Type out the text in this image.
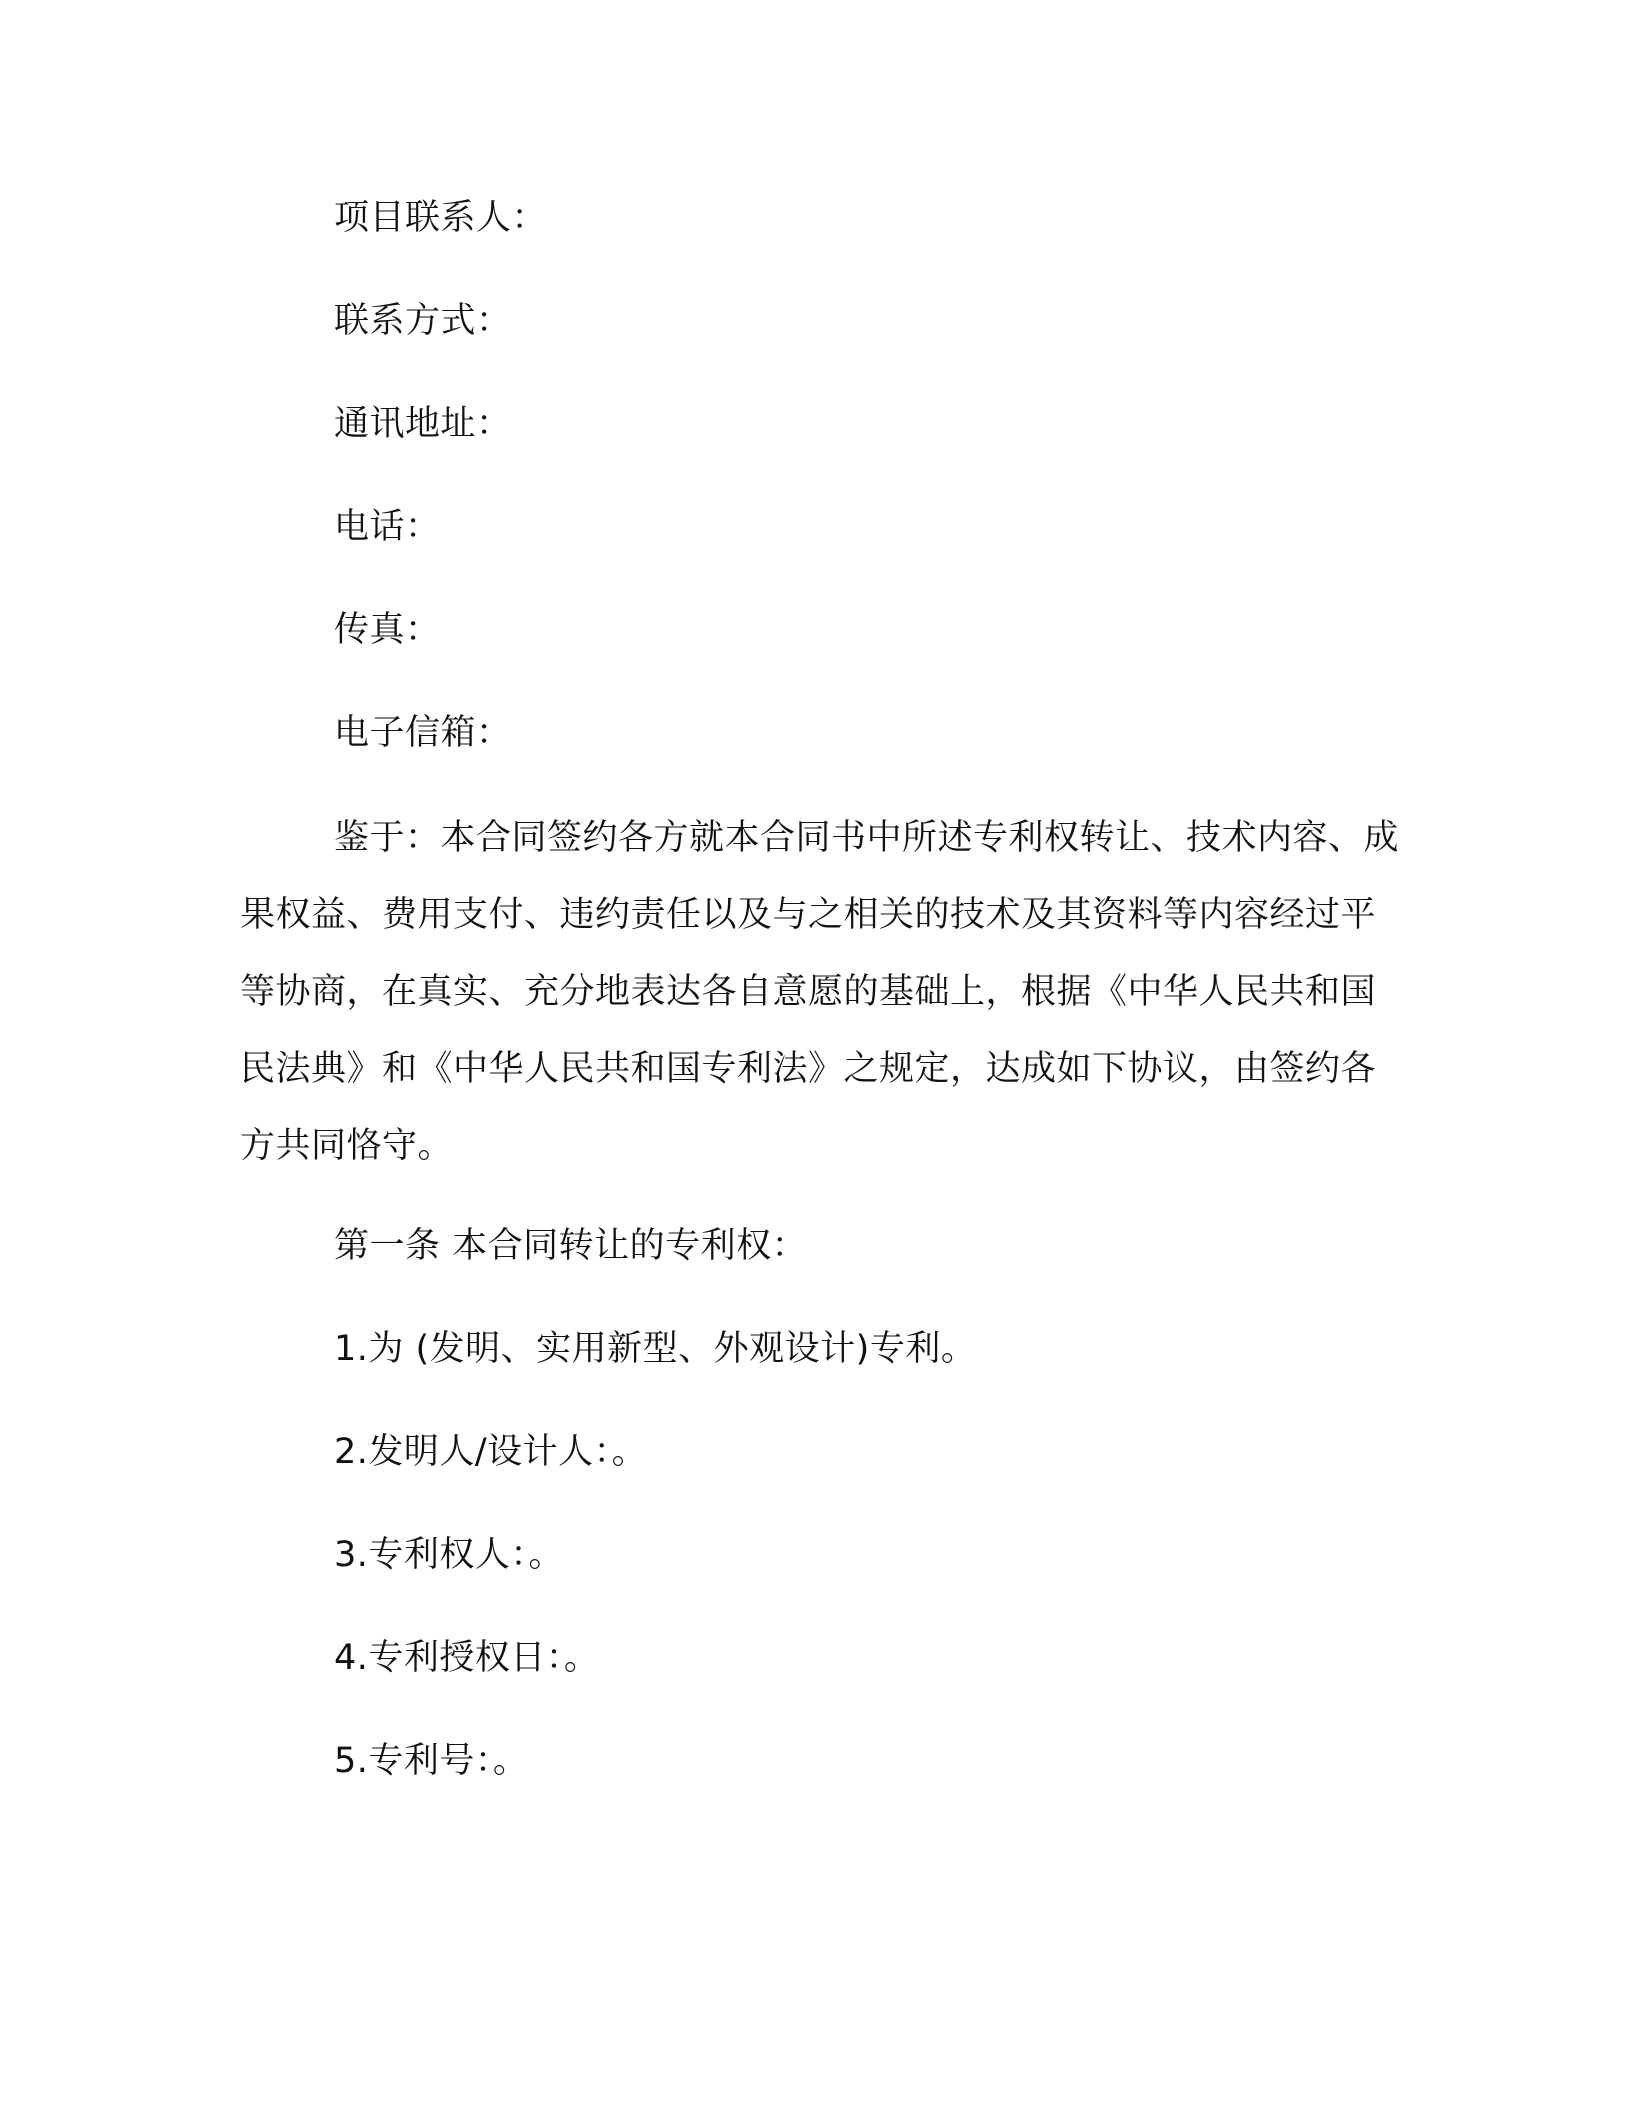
项目联系人：
联系方式：
通讯地址：
电话：
传真：
电子信箱：

鉴于：本合同签约各方就本合同书中所述专利权转让、技术内容、成果权益、费用支付、违约责任以及与之相关的技术及其资料等内容经过平等协商，在真实、充分地表达各自意愿的基础上，根据《中华人民共和国民法典》和《中华人民共和国专利法》之规定，达成如下协议，由签约各方共同恪守。

第一条 本合同转让的专利权：
1.为 (发明、实用新型、外观设计)专利。
2.发明人/设计人：。
3.专利权人：。
4.专利授权日：。
5.专利号：。
